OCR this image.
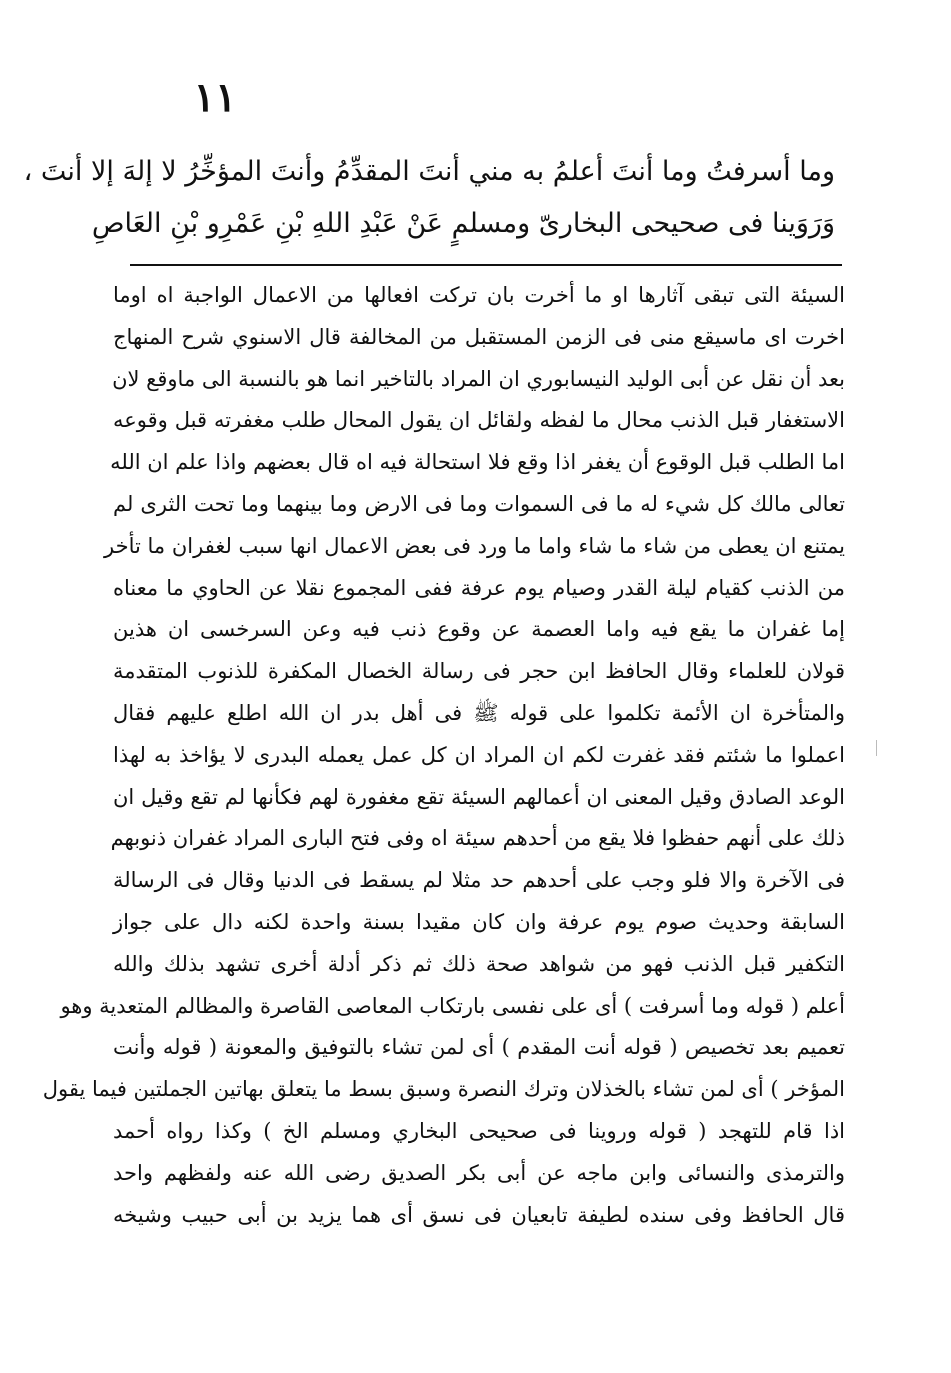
١١
وما أسرفتُ وما أنتَ أعلمُ به مني أنتَ المقدِّمُ وأنتَ المؤخِّرُ لا إلهَ إلا أنتَ ،
وَرَوَينا فى صحيحى البخارىّ ومسلمٍ عَنْ عَبْدِ اللهِ بْنِ عَمْرِو بْنِ العَاصِ
السيئة التى تبقى آثارها او ما أخرت بان تركت افعالها من الاعمال الواجبة اه اوما
اخرت اى ماسيقع منى فى الزمن المستقبل من المخالفة قال الاسنوي شرح المنهاج
بعد أن نقل عن أبى الوليد النيسابوري ان المراد بالتاخير انما هو بالنسبة الى ماوقع لان
الاستغفار قبل الذنب محال ما لفظه ولقائل ان يقول المحال طلب مغفرته قبل وقوعه
اما الطلب قبل الوقوع أن يغفر اذا وقع فلا استحالة فيه اه قال بعضهم واذا علم ان الله
تعالى مالك كل شيء له ما فى السموات وما فى الارض وما بينهما وما تحت الثرى لم
يمتنع ان يعطى من شاء ما شاء واما ما ورد فى بعض الاعمال انها سبب لغفران ما تأخر
من الذنب كقيام ليلة القدر وصيام يوم عرفة ففى المجموع نقلا عن الحاوي ما معناه
إما غفران ما يقع فيه واما العصمة عن وقوع ذنب فيه وعن السرخسى ان هذين
قولان للعلماء وقال الحافظ ابن حجر فى رسالة الخصال المكفرة للذنوب المتقدمة
والمتأخرة ان الأئمة تكلموا على قوله ﷺ فى أهل بدر ان الله اطلع عليهم فقال
اعملوا ما شئتم فقد غفرت لكم ان المراد ان كل عمل يعمله البدرى لا يؤاخذ به لهذا
الوعد الصادق وقيل المعنى ان أعمالهم السيئة تقع مغفورة لهم فكأنها لم تقع وقيل ان
ذلك على أنهم حفظوا فلا يقع من أحدهم سيئة اه وفى فتح البارى المراد غفران ذنوبهم
فى الآخرة والا فلو وجب على أحدهم حد مثلا لم يسقط فى الدنيا وقال فى الرسالة
السابقة وحديث صوم يوم عرفة وان كان مقيدا بسنة واحدة لكنه دال على جواز
التكفير قبل الذنب فهو من شواهد صحة ذلك ثم ذكر أدلة أخرى تشهد بذلك والله
أعلم ( قوله وما أسرفت ) أى على نفسى بارتكاب المعاصى القاصرة والمظالم المتعدية وهو
تعميم بعد تخصيص ( قوله أنت المقدم ) أى لمن تشاء بالتوفيق والمعونة ( قوله وأنت
المؤخر ) أى لمن تشاء بالخذلان وترك النصرة وسبق بسط ما يتعلق بهاتين الجملتين فيما يقول
اذا قام للتهجد ( قوله وروينا فى صحيحى البخاري ومسلم الخ ) وكذا رواه أحمد
والترمذى والنسائى وابن ماجه عن أبى بكر الصديق رضى الله عنه ولفظهم واحد
قال الحافظ وفى سنده لطيفة تابعيان فى نسق أى هما يزيد بن أبى حبيب وشيخه
